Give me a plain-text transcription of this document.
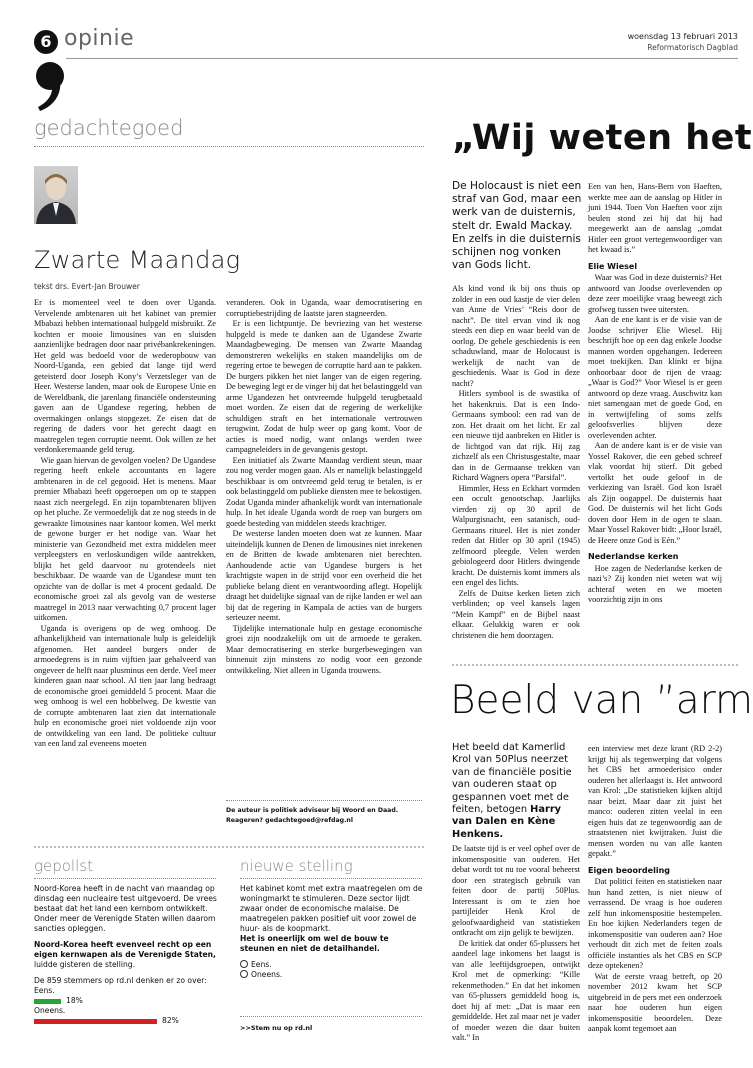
6 opinie	woensdag 13 februari 2013
Reformatorisch Dagblad
gedachtegoed
Zwarte Maandag
tekst drs. Evert-Jan Brouwer

Er is momenteel veel te doen over Uganda. Vervelende ambtenaren uit het kabinet van premier Mbabazi hebben internationaal hulpgeld misbruikt. Ze kochten er mooie limousines van en sluisden aanzienlijke bedragen door naar privébankrekeningen. Het geld was bedoeld voor de wederopbouw van Noord-Uganda, een gebied dat lange tijd werd geteisterd door Joseph Kony’s Verzetsleger van de Heer. Westerse landen, maar ook de Europese Unie en de Wereldbank, die jarenlang financiële ondersteuning gaven aan de Ugandese regering, hebben de overmakingen onlangs stopgezet. Ze eisen dat de regering de daders voor het gerecht daagt en maatregelen tegen corruptie neemt. Ook willen ze het verdonkeremaande geld terug.

Wie gaan hiervan de gevolgen voelen? De Ugandese regering heeft enkele accountants en lagere ambtenaren in de cel gegooid. Het is menens. Maar premier Mbabazi heeft opgeroepen om op te stappen naast zich neergelegd. En zijn topambtenaren blijven op het pluche. Ze vermoedelijk dat ze nog steeds in de gewraakte limousines naar kantoor komen. Wel merkt de gewone burger er het nodige van. Waar het ministerie van Gezondheid met extra middelen meer verpleegsters en verloskundigen wilde aantrekken, blijkt het geld daarvoor nu grotendeels niet beschikbaar. De waarde van de Ugandese munt ten opzichte van de dollar is met 4 procent gedaald. De economische groei zal als gevolg van de westerse maatregel in 2013 naar verwachting 0,7 procent lager uitkomen.

Uganda is overigens op de weg omhoog. De afhankelijkheid van internationale hulp is geleidelijk afgenomen. Het aandeel burgers onder de armoedegrens is in ruim vijftien jaar gehalveerd van ongeveer de helft naar plusminus een derde. Veel meer kinderen gaan naar school. Al tien jaar lang bedraagt de economische groei gemiddeld 5 procent. Maar die weg omhoog is wel een hobbelweg. De kwestie van de corrupte ambtenaren laat zien dat internationale hulp en economische groei niet voldoende zijn voor de ontwikkeling van een land. De politieke cultuur van een land zal eveneens moeten

veranderen. Ook in Uganda, waar democratisering en corruptiebestrijding de laatste jaren stagneerden.

Er is een lichtpuntje. De bevriezing van het westerse hulpgeld is mede te danken aan de Ugandese Zwarte Maandagbeweging. De mensen van Zwarte Maandag demonstreren wekelijks en staken maandelijks om de regering ertoe te bewegen de corruptie hard aan te pakken. De burgers pikken het niet langer van de eigen regering. De beweging legt er de vinger bij dat het belastinggeld van arme Ugandezen het ontvreemde hulpgeld terugbetaald moet worden. Ze eisen dat de regering de werkelijke schuldigen straft en het internationale vertrouwen terugwint. Zodat de hulp weer op gang komt. Voor de acties is moed nodig, want onlangs werden twee campagneleiders in de gevangenis gestopt.

Een initiatief als Zwarte Maandag verdient steun, maar zou nog verder mogen gaan. Als er namelijk belastinggeld beschikbaar is om ontvreemd geld terug te betalen, is er ook belastinggeld om publieke diensten mee te bekostigen. Zodat Uganda minder afhankelijk wordt van internationale hulp. In het ideale Uganda wordt de roep van burgers om goede besteding van middelen steeds krachtiger.

De westerse landen moeten doen wat ze kunnen. Maar uiteindelijk kunnen de Denen de limousines niet inrekenen en de Britten de kwade ambtenaren niet berechten. Aanhoudende actie van Ugandese burgers is het krachtigste wapen in de strijd voor een overheid die het publieke belang dient en verantwoording aflegt. Hopelijk draagt het duidelijke signaal van de rijke landen er wel aan bij dat de regering in Kampala de acties van de burgers serieuzer neemt.

Tijdelijke internationale hulp en gestage economische groei zijn noodzakelijk om uit de armoede te geraken. Maar democratisering en sterke burgerbewegingen van binnenuit zijn minstens zo nodig voor een gezonde ontwikkeling. Niet alleen in Uganda trouwens.

De auteur is politiek adviseur bij Woord en Daad.
Reageren? gedachtegoed@refdag.nl
gepollst
Noord-Korea heeft in de nacht van maandag op dinsdag een nucleaire test uitgevoerd. De vrees bestaat dat het land een kernbom ontwikkelt. Onder meer de Verenigde Staten willen daarom sancties opleggen.
Noord-Korea heeft evenveel recht op een eigen kernwapen als de Verenigde Staten,
luidde gisteren de stelling.
De 859 stemmers op rd.nl denken er zo over:
Eens.
18%
Oneens.
82%
nieuwe stelling
Het kabinet komt met extra maatregelen om de woningmarkt te stimuleren. Deze sector lijdt zwaar onder de economische malaise. De maatregelen pakken positief uit voor zowel de huur- als de koopmarkt.
Het is oneerlijk om wel de bouw te steunen en niet de detailhandel.
Eens.
Oneens.
>>Stem nu op rd.nl
„Wij weten het
De Holocaust is niet een straf van God, maar een werk van de duisternis, stelt dr. Ewald Mackay. En zelfs in die duisternis schijnen nog vonken van Gods licht.

Als kind vond ik bij ons thuis op zolder in een oud kastje de vier delen van Anne de Vries’ “Reis door de nacht”. De titel ervan vind ik nog steeds een diep en waar beeld van de oorlog. De gehele geschiedenis is een schaduwland, maar de Holocaust is werkelijk de nacht van de geschiedenis. Waar is God in deze nacht?

Hitlers symbool is de swastika of het hakenkruis. Dat is een Indo-Germaans symbool: een rad van de zon. Het draait om het licht. Er zal een nieuwe tijd aanbreken en Hitler is de lichtgod van dat rijk. Hij zag zichzelf als een Christusgestalte, maar dan in de Germaanse trekken van Richard Wagners opera “Parsifal”.

Himmler, Hess en Eckhart vormden een occult genootschap. Jaarlijks vierden zij op 30 april de Walpurgisnacht, een satanisch, oud-Germaans ritueel. Het is niet zonder reden dat Hitler op 30 april (1945) zelfmoord pleegde. Velen werden gebiologeerd door Hitlers dwingende kracht. De duisternis komt immers als een engel des lichts.

Zelfs de Duitse kerken lieten zich verblinden; op veel kansels lagen “Mein Kampf” en de Bijbel naast elkaar. Gelukkig waren er ook christenen die hem doorzagen.

Een van hen, Hans-Bern von Haeften, werkte mee aan de aanslag op Hitler in juni 1944. Toen Von Haeften voor zijn beulen stond zei hij dat hij had meegewerkt aan de aanslag „omdat Hitler een groot vertegenwoordiger van het kwaad is.”

Elie Wiesel

Waar was God in deze duisternis? Het antwoord van Joodse overlevenden op deze zeer moeilijke vraag beweegt zich grofweg tussen twee uitersten.

Aan de ene kant is er de visie van de Joodse schrijver Elie Wiesel. Hij beschrijft hoe op een dag enkele Joodse mannen worden opgehangen. Iedereen moet toekijken. Dan klinkt er bijna onhoorbaar door de rijen de vraag: „Waar is God?” Voor Wiesel is er geen antwoord op deze vraag. Auschwitz kan niet samengaan met de goede God, en in vertwijfeling of soms zelfs geloofsverlies blijven deze overlevenden achter.

Aan de andere kant is er de visie van Yossel Rakover, die een gebed schreef vlak voordat hij stierf. Dit gebed vertolkt het oude geloof in de verkiezing van Israël. God kon Israël als Zijn oogappel. De duisternis haat God. De duisternis wil het licht Gods doven door Hem in de ogen te slaan. Maar Yossel Rakover bidt: „Hoor Israël, de Heere onze God is Eén.”

Nederlandse kerken

Hoe zagen de Nederlandse kerken de nazi’s? Zij konden niet weten wat wij achteraf weten en we moeten voorzichtig zijn in ons

Beeld van ”arm
Het beeld dat Kamerlid Krol van 50Plus neerzet van de financiële positie van ouderen staat op gespannen voet met de feiten, betogen Harry van Dalen en Kène Henkens.

De laatste tijd is er veel ophef over de inkomenspositie van ouderen. Het debat wordt tot nu toe vooral beheerst door een strategisch gebruik van feiten door de partij 50Plus. Interessant is om te zien hoe partijleider Henk Krol de geloofwaardigheid van statistieken ontkracht om zijn gelijk te bewijzen.

De kritiek dat onder 65-plussers het aandeel lage inkomens het laagst is van alle leeftijdsgroepen, ontwijkt Krol met de opmerking: “Kille rekenmethoden.” En dat het inkomen van 65-plussers gemiddeld hoog is, doet hij af met: „Dat is maar een gemiddelde. Het zal maar net je vader of moeder wezen die daar buiten valt.” In

een interview met deze krant (RD 2-2) krijgt hij als tegenwerping dat volgens het CBS het armoederisico onder ouderen het allerlaagst is. Het antwoord van Krol: „De statistieken kijken altijd naar beizt. Maar daar zit juist het manco: ouderen zitten veelal in een eigen huis dat ze tegenwoordig aan de straatstenen niet kwijtraken. Juist die mensen worden nu van alle kanten gepakt.”

Eigen beoordeling

Dat politici feiten en statistieken naar hun hand zetten, is niet nieuw of verrassend. De vraag is hoe ouderen zelf hun inkomenspositie bestempelen. En hoe kijken Nederlanders tegen de inkomenspositie van ouderen aan? Hoe verhoudt dit zich met de feiten zoals officiële instanties als het CBS en SCP deze optekenen?

Wat de eerste vraag betreft, op 20 november 2012 kwam het SCP uitgebreid in de pers met een onderzoek naar hoe ouderen hun eigen inkomenspositie beoordelen. Deze aanpak komt tegemoet aan
